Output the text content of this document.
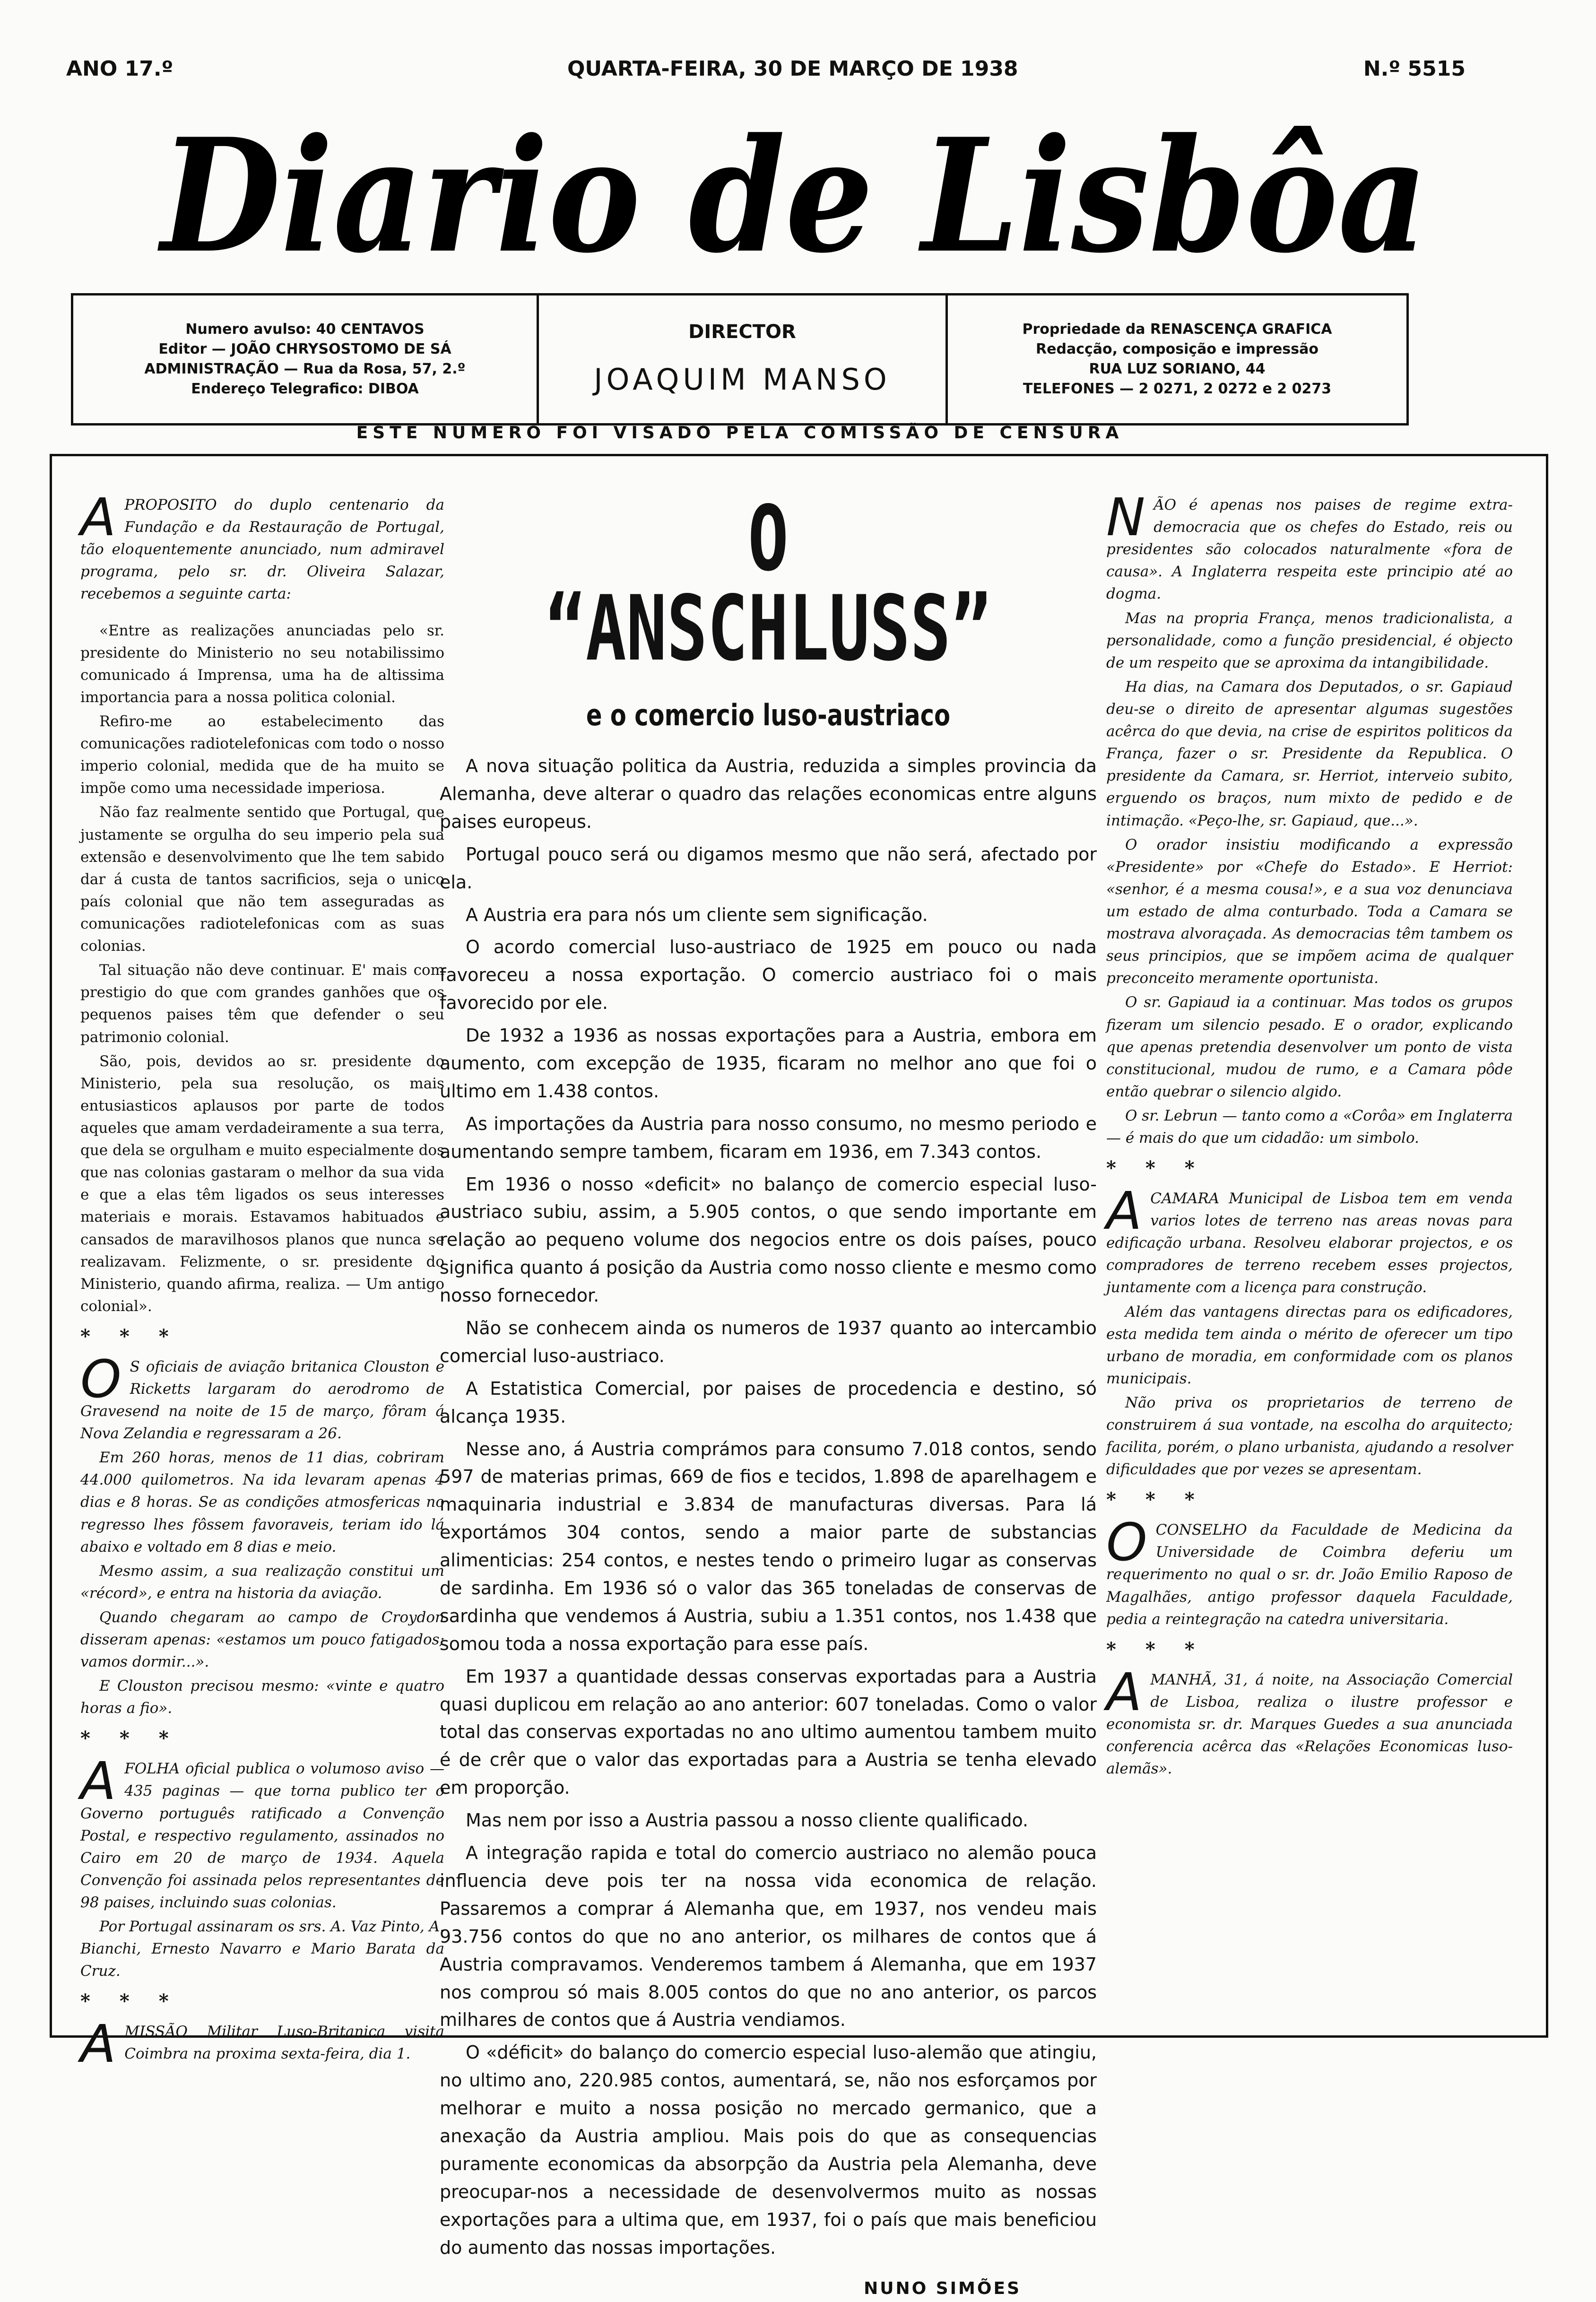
ANO 17.º	QUARTA-FEIRA, 30 DE MARÇO DE 1938	N.º 5515
Diario de Lisbôa
Numero avulso: 40 CENTAVOS
Editor — JOÃO CHRYSOSTOMO DE SÁ
ADMINISTRAÇÃO — Rua da Rosa, 57, 2.º
Endereço Telegrafico: DIBOA
DIRECTOR
JOAQUIM MANSO
Propriedade da RENASCENÇA GRAFICA
Redacção, composição e impressão
RUA LUZ SORIANO, 44
TELEFONES — 2 0271, 2 0272 e 2 0273
ESTE NUMERO FOI VISADO PELA COMISSÃO DE CENSURA

APROPOSITO do duplo centenario da Fundação e da Restauração de Portugal, tão eloquentemente anunciado, num admiravel programa, pelo sr. dr. Oliveira Salazar, recebemos a seguinte carta:

«Entre as realizações anunciadas pelo sr. presidente do Ministerio no seu notabilissimo comunicado á Imprensa, uma ha de altissima importancia para a nossa politica colonial.

Refiro-me ao estabelecimento das comunicações radiotelefonicas com todo o nosso imperio colonial, medida que de ha muito se impõe como uma necessidade imperiosa.

Não faz realmente sentido que Portugal, que justamente se orgulha do seu imperio pela sua extensão e desenvolvimento que lhe tem sabido dar á custa de tantos sacrificios, seja o unico país colonial que não tem asseguradas as comunicações radiotelefonicas com as suas colonias.

Tal situação não deve continuar. E' mais com prestigio do que com grandes ganhões que os pequenos paises têm que defender o seu patrimonio colonial.

São, pois, devidos ao sr. presidente do Ministerio, pela sua resolução, os mais entusiasticos aplausos por parte de todos aqueles que amam verdadeiramente a sua terra, que dela se orgulham e muito especialmente dos que nas colonias gastaram o melhor da sua vida e que a elas têm ligados os seus interesses materiais e morais. Estavamos habituados e cansados de maravilhosos planos que nunca se realizavam. Felizmente, o sr. presidente do Ministerio, quando afirma, realiza. — Um antigo colonial».

* * *

O S oficiais de aviação britanica Clouston e Ricketts largaram do aerodromo de Gravesend na noite de 15 de março, fôram á Nova Zelandia e regressaram a 26.

Em 260 horas, menos de 11 dias, cobriram 44.000 quilometros. Na ida levaram apenas 4 dias e 8 horas. Se as condições atmosfericas no regresso lhes fôssem favoraveis, teriam ido lá abaixo e voltado em 8 dias e meio.

Mesmo assim, a sua realização constitui um «récord», e entra na historia da aviação.

Quando chegaram ao campo de Croydon disseram apenas: «estamos um pouco fatigados; vamos dormir...».

E Clouston precisou mesmo: «vinte e quatro horas a fio».

* * *

AFOLHA oficial publica o volumoso aviso — 435 paginas — que torna publico ter o Governo português ratificado a Convenção Postal, e respectivo regulamento, assinados no Cairo em 20 de março de 1934. Aquela Convenção foi assinada pelos representantes de 98 paises, incluindo suas colonias.

Por Portugal assinaram os srs. A. Vaz Pinto, A. Bianchi, Ernesto Navarro e Mario Barata da Cruz.

* * *

AMISSÃO Militar Luso-Britanica visita Coimbra na proxima sexta-feira, dia 1.

O “ANSCHLUSS”
e o comercio luso-austriaco

A nova situação politica da Austria, reduzida a simples provincia da Alemanha, deve alterar o quadro das relações economicas entre alguns paises europeus.

Portugal pouco será ou digamos mesmo que não será, afectado por ela.

A Austria era para nós um cliente sem significação.

O acordo comercial luso-austriaco de 1925 em pouco ou nada favoreceu a nossa exportação. O comercio austriaco foi o mais favorecido por ele.

De 1932 a 1936 as nossas exportações para a Austria, embora em aumento, com excepção de 1935, ficaram no melhor ano que foi o ultimo em 1.438 contos.

As importações da Austria para nosso consumo, no mesmo periodo e aumentando sempre tambem, ficaram em 1936, em 7.343 contos.

Em 1936 o nosso «deficit» no balanço de comercio especial luso-austriaco subiu, assim, a 5.905 contos, o que sendo importante em relação ao pequeno volume dos negocios entre os dois países, pouco significa quanto á posição da Austria como nosso cliente e mesmo como nosso fornecedor.

Não se conhecem ainda os numeros de 1937 quanto ao intercambio comercial luso-austriaco.

A Estatistica Comercial, por paises de procedencia e destino, só alcança 1935.

Nesse ano, á Austria comprámos para consumo 7.018 contos, sendo 597 de materias primas, 669 de fios e tecidos, 1.898 de aparelhagem e maquinaria industrial e 3.834 de manufacturas diversas. Para lá exportámos 304 contos, sendo a maior parte de substancias alimenticias: 254 contos, e nestes tendo o primeiro lugar as conservas de sardinha. Em 1936 só o valor das 365 toneladas de conservas de sardinha que vendemos á Austria, subiu a 1.351 contos, nos 1.438 que somou toda a nossa exportação para esse país.

Em 1937 a quantidade dessas conservas exportadas para a Austria quasi duplicou em relação ao ano anterior: 607 toneladas. Como o valor total das conservas exportadas no ano ultimo aumentou tambem muito é de crêr que o valor das exportadas para a Austria se tenha elevado em proporção.

Mas nem por isso a Austria passou a nosso cliente qualificado.

A integração rapida e total do comercio austriaco no alemão pouca influencia deve pois ter na nossa vida economica de relação. Passaremos a comprar á Alemanha que, em 1937, nos vendeu mais 93.756 contos do que no ano anterior, os milhares de contos que á Austria compravamos. Venderemos tambem á Alemanha, que em 1937 nos comprou só mais 8.005 contos do que no ano anterior, os parcos milhares de contos que á Austria vendiamos.

O «déficit» do balanço do comercio especial luso-alemão que atingiu, no ultimo ano, 220.985 contos, aumentará, se, não nos esforçamos por melhorar e muito a nossa posição no mercado germanico, que a anexação da Austria ampliou. Mais pois do que as consequencias puramente economicas da absorpção da Austria pela Alemanha, deve preocupar-nos a necessidade de desenvolvermos muito as nossas exportações para a ultima que, em 1937, foi o país que mais beneficiou do aumento das nossas importações.

NUNO SIMÕES

NÃO é apenas nos paises de regime extra-democracia que os chefes do Estado, reis ou presidentes são colocados naturalmente «fora de causa». A Inglaterra respeita este principio até ao dogma.

Mas na propria França, menos tradicionalista, a personalidade, como a função presidencial, é objecto de um respeito que se aproxima da intangibilidade.

Ha dias, na Camara dos Deputados, o sr. Gapiaud deu-se o direito de apresentar algumas sugestões acêrca do que devia, na crise de espiritos politicos da França, fazer o sr. Presidente da Republica. O presidente da Camara, sr. Herriot, interveio subito, erguendo os braços, num mixto de pedido e de intimação. «Peço-lhe, sr. Gapiaud, que...».

O orador insistiu modificando a expressão «Presidente» por «Chefe do Estado». E Herriot: «senhor, é a mesma cousa!», e a sua voz denunciava um estado de alma conturbado. Toda a Camara se mostrava alvoraçada. As democracias têm tambem os seus principios, que se impõem acima de qualquer preconceito meramente oportunista.

O sr. Gapiaud ia a continuar. Mas todos os grupos fizeram um silencio pesado. E o orador, explicando que apenas pretendia desenvolver um ponto de vista constitucional, mudou de rumo, e a Camara pôde então quebrar o silencio algido.

O sr. Lebrun — tanto como a «Corôa» em Inglaterra — é mais do que um cidadão: um simbolo.

* * *

ACAMARA Municipal de Lisboa tem em venda varios lotes de terreno nas areas novas para edificação urbana. Resolveu elaborar projectos, e os compradores de terreno recebem esses projectos, juntamente com a licença para construção.

Além das vantagens directas para os edificadores, esta medida tem ainda o mérito de oferecer um tipo urbano de moradia, em conformidade com os planos municipais.

Não priva os proprietarios de terreno de construirem á sua vontade, na escolha do arquitecto; facilita, porém, o plano urbanista, ajudando a resolver dificuldades que por vezes se apresentam.

* * *

OCONSELHO da Faculdade de Medicina da Universidade de Coimbra deferiu um requerimento no qual o sr. dr. João Emilio Raposo de Magalhães, antigo professor daquela Faculdade, pedia a reintegração na catedra universitaria.

* * *

AMANHÃ, 31, á noite, na Associação Comercial de Lisboa, realiza o ilustre professor e economista sr. dr. Marques Guedes a sua anunciada conferencia acêrca das «Relações Economicas luso-alemãs».
